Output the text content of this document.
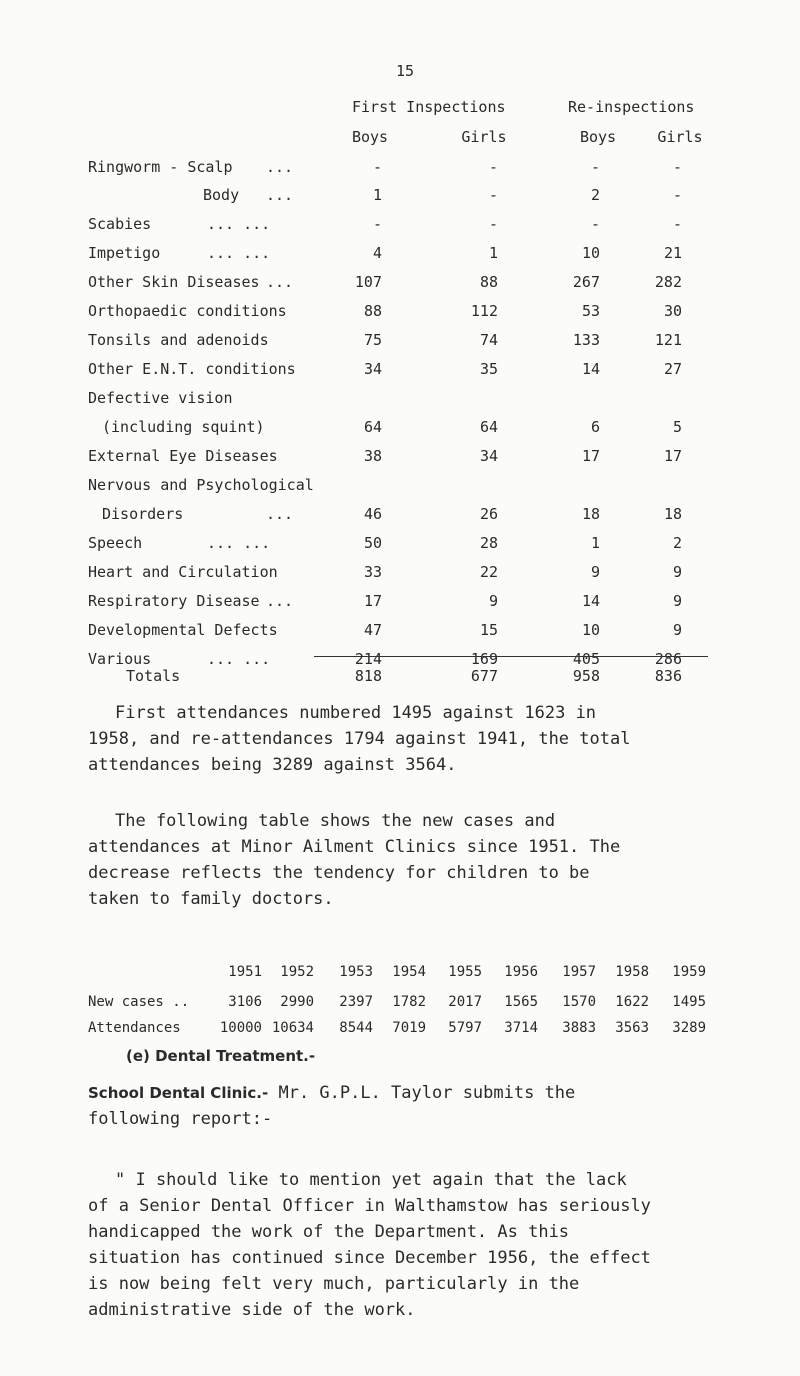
15
First Inspections	Re-inspections
Boys	Girls	Boys	Girls
Ringworm - Scalp ...	-	-	-	-
Body ...	1	-	2	-
Scabies	... ...	-	-	-	-
Impetigo	... ...	4	1	10	21
Other Skin Diseases ...	107	88	267	282
Orthopaedic conditions	88	112	53	30
Tonsils and adenoids	75	74	133	121
Other E.N.T. conditions	34	35	14	27
Defective vision
(including squint)	64	64	6	5
External Eye Diseases	38	34	17	17
Nervous and Psychological
Disorders	...	46	26	18	18
Speech	... ...	50	28	1	2
Heart and Circulation	33	22	9	9
Respiratory Disease ...	17	9	14	9
Developmental Defects	47	15	10	9
Various	... ...	214	169	405	286
Totals	818	677	958	836
First attendances numbered 1495 against 1623 in
1958, and re-attendances 1794 against 1941, the total
attendances being 3289 against 3564.
The following table shows the new cases and
attendances at Minor Ailment Clinics since 1951. The
decrease reflects the tendency for children to be
taken to family doctors.
1951	1952	1953	1954	1955	1956	1957	1958	1959
New cases ..	3106	2990	2397	1782	2017	1565	1570	1622	1495
Attendances	10000 10634	8544	7019	5797	3714	3883	3563	3289
(e) Dental Treatment.-
School Dental Clinic.- Mr. G.P.L. Taylor submits the
following report:-
" I should like to mention yet again that the lack
of a Senior Dental Officer in Walthamstow has seriously
handicapped the work of the Department. As this
situation has continued since December 1956, the effect
is now being felt very much, particularly in the
administrative side of the work.
